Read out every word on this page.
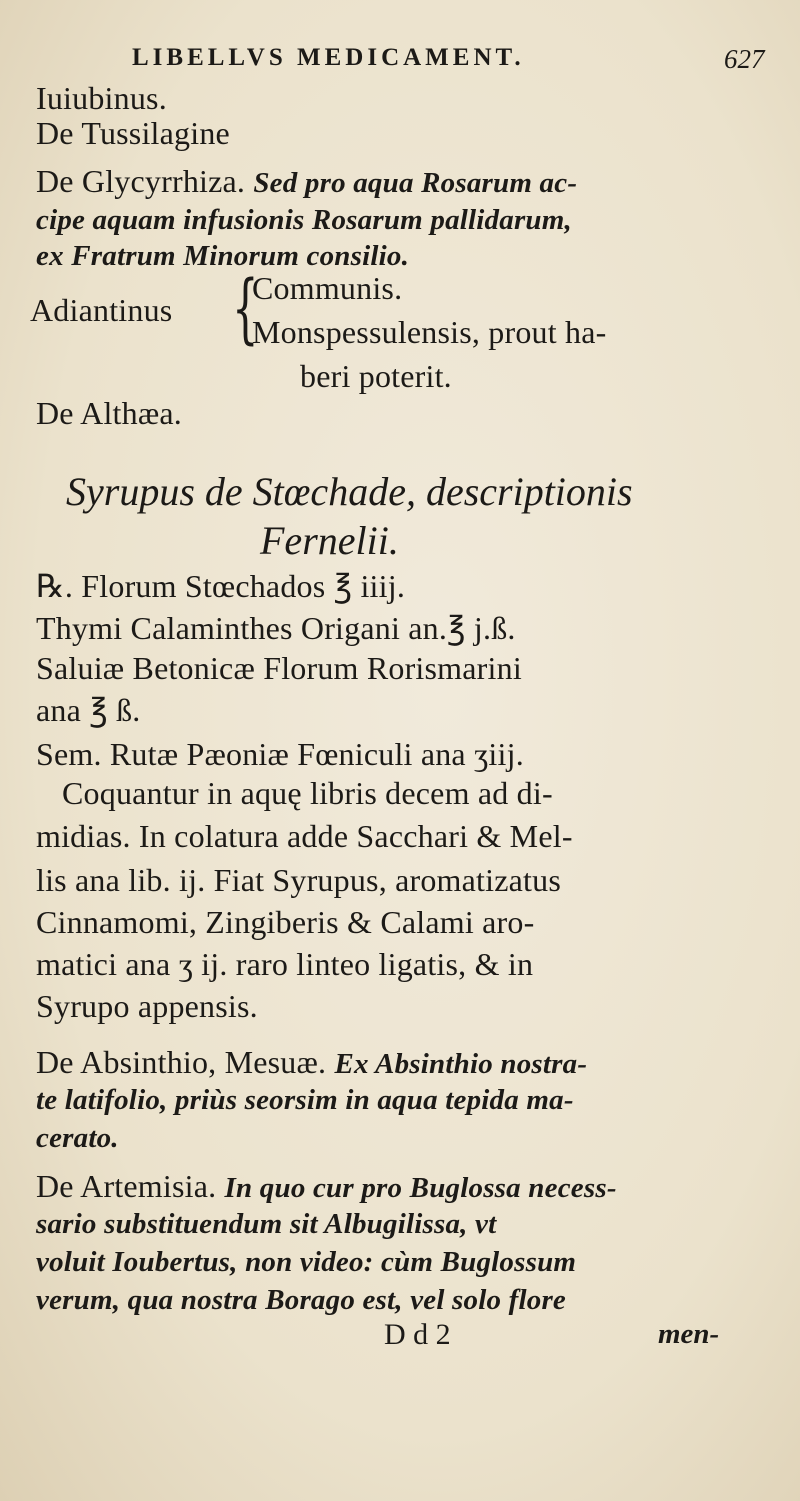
LIBELLVS MEDICAMENT.	627
Iuiubinus.
De Tussilagine
De Glycyrrhiza. Sed pro aqua Rosarum ac-
cipe aquam infusionis Rosarum pallidarum,
ex Fratrum Minorum consilio.
Adiantinus {
Communis.
Monspessulensis, prout ha-
beri poterit.
De Althæa.
Syrupus de Stœchade, descriptionis
Fernelii.
℞. Florum Stœchados ℥ iiij.
Thymi Calaminthes Origani an.℥ j.ß.
Saluiæ Betonicæ Florum Rorismarini
ana ℥ ß.
Sem. Rutæ Pæoniæ Fœniculi ana ʒiij.
Coquantur in aquę libris decem ad di-
midias. In colatura adde Sacchari & Mel-
lis ana lib. ij. Fiat Syrupus, aromatizatus
Cinnamomi, Zingiberis & Calami aro-
matici ana ʒ ij. raro linteo ligatis, & in
Syrupo appensis.
De Absinthio, Mesuæ. Ex Absinthio nostra-
te latifolio, priùs seorsim in aqua tepida ma-
cerato.
De Artemisia. In quo cur pro Buglossa necess-
sario substituendum sit Albugilissa, vt
voluit Ioubertus, non video: cùm Buglossum
verum, qua nostra Borago est, vel solo flore
D d 2	men-
